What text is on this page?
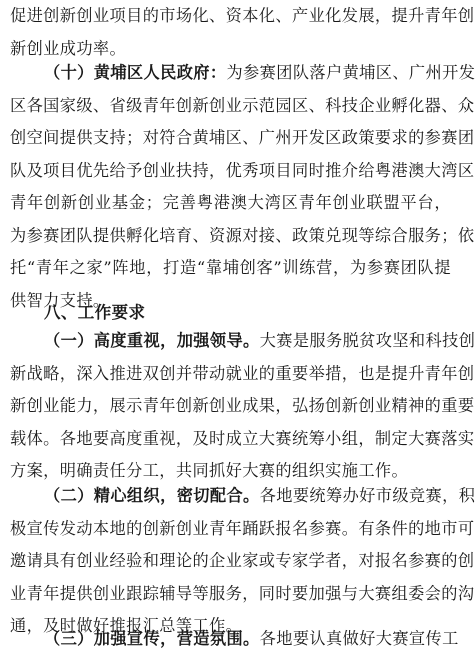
促进创新创业项目的市场化、资本化、产业化发展，提升青年创
新创业成功率。
（十）黄埔区人民政府：为参赛团队落户黄埔区、广州开发
区各国家级、省级青年创新创业示范园区、科技企业孵化器、众
创空间提供支持；对符合黄埔区、广州开发区政策要求的参赛团
队及项目优先给予创业扶持，优秀项目同时推介给粤港澳大湾区
青年创新创业基金；完善粤港澳大湾区青年创业联盟平台，
为参赛团队提供孵化培育、资源对接、政策兑现等综合服务；依
托“青年之家”阵地，打造“靠埔创客”训练营，为参赛团队提
供智力支持。
八、工作要求
（一）高度重视，加强领导。大赛是服务脱贫攻坚和科技创
新战略，深入推进双创并带动就业的重要举措，也是提升青年创
新创业能力，展示青年创新创业成果，弘扬创新创业精神的重要
载体。各地要高度重视，及时成立大赛统筹小组，制定大赛落实
方案，明确责任分工，共同抓好大赛的组织实施工作。
（二）精心组织，密切配合。各地要统筹办好市级竞赛，积
极宣传发动本地的创新创业青年踊跃报名参赛。有条件的地市可
邀请具有创业经验和理论的企业家或专家学者，对报名参赛的创
业青年提供创业跟踪辅导等服务，同时要加强与大赛组委会的沟
通，及时做好推报汇总等工作。
（三）加强宣传，营造氛围。各地要认真做好大赛宣传工
